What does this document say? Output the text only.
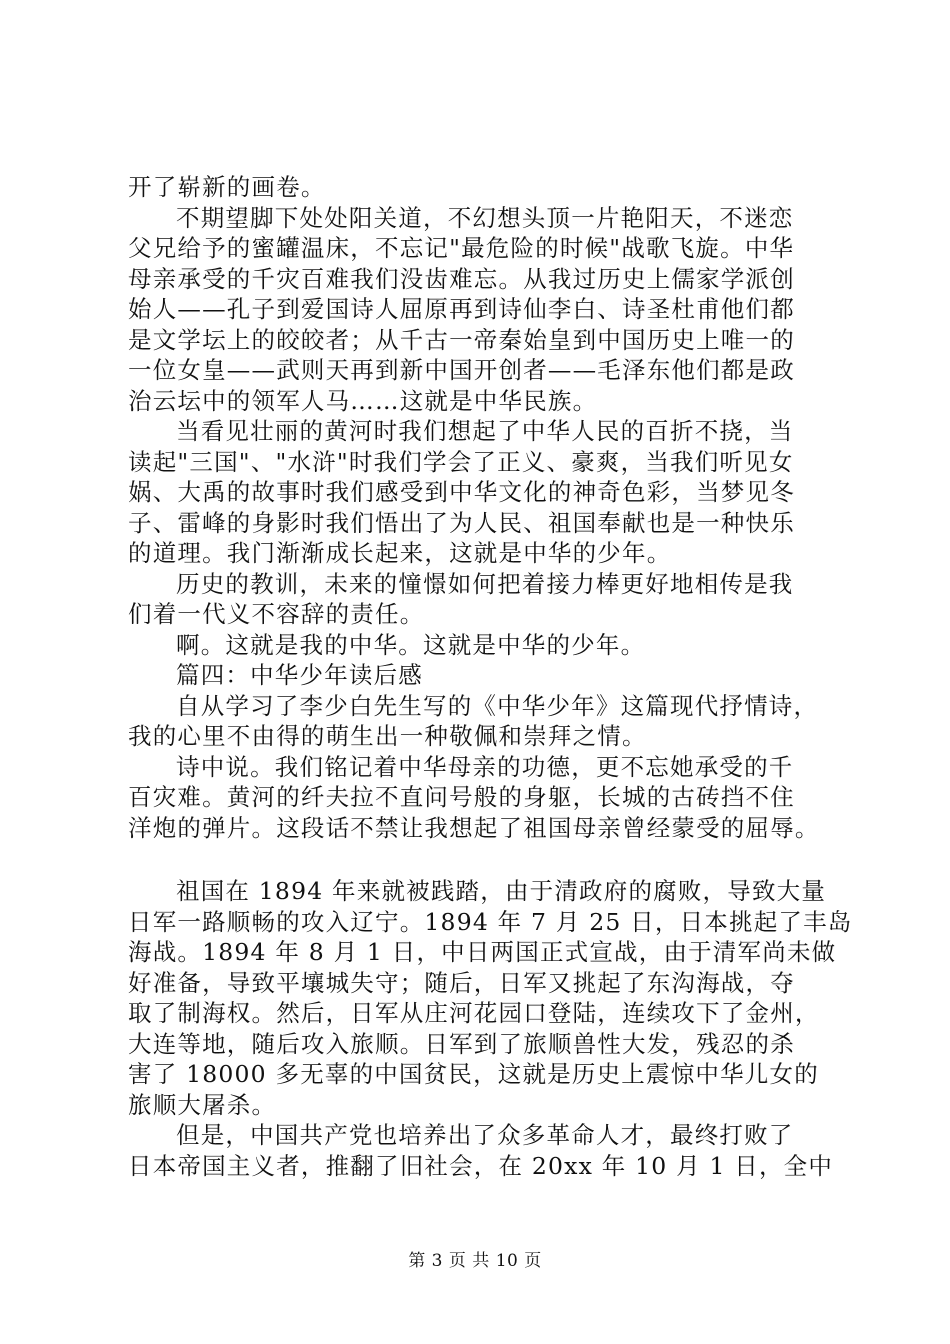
开了崭新的画卷。
不期望脚下处处阳关道，不幻想头顶一片艳阳天，不迷恋
父兄给予的蜜罐温床，不忘记"最危险的时候"战歌飞旋。中华
母亲承受的千灾百难我们没齿难忘。从我过历史上儒家学派创
始人——孔子到爱国诗人屈原再到诗仙李白、诗圣杜甫他们都
是文学坛上的皎皎者；从千古一帝秦始皇到中国历史上唯一的
一位女皇——武则天再到新中国开创者——毛泽东他们都是政
治云坛中的领军人马……这就是中华民族。
当看见壮丽的黄河时我们想起了中华人民的百折不挠，当
读起"三国"、"水浒"时我们学会了正义、豪爽，当我们听见女
娲、大禹的故事时我们感受到中华文化的神奇色彩，当梦见冬
子、雷峰的身影时我们悟出了为人民、祖国奉献也是一种快乐
的道理。我门渐渐成长起来，这就是中华的少年。
历史的教训，未来的憧憬如何把着接力棒更好地相传是我
们着一代义不容辞的责任。
啊。这就是我的中华。这就是中华的少年。
篇四：中华少年读后感
自从学习了李少白先生写的《中华少年》这篇现代抒情诗，
我的心里不由得的萌生出一种敬佩和崇拜之情。
诗中说。我们铭记着中华母亲的功德，更不忘她承受的千
百灾难。黄河的纤夫拉不直问号般的身躯，长城的古砖挡不住
洋炮的弹片。这段话不禁让我想起了祖国母亲曾经蒙受的屈辱。
祖国在 1894 年来就被践踏，由于清政府的腐败，导致大量
日军一路顺畅的攻入辽宁。1894 年 7 月 25 日，日本挑起了丰岛
海战。1894 年 8 月 1 日，中日两国正式宣战，由于清军尚未做
好准备，导致平壤城失守；随后，日军又挑起了东沟海战，夺
取了制海权。然后，日军从庄河花园口登陆，连续攻下了金州，
大连等地，随后攻入旅顺。日军到了旅顺兽性大发，残忍的杀
害了 18000 多无辜的中国贫民，这就是历史上震惊中华儿女的
旅顺大屠杀。
但是，中国共产党也培养出了众多革命人才，最终打败了
日本帝国主义者，推翻了旧社会，在 20xx 年 10 月 1 日，全中
第 3 页 共 10 页
